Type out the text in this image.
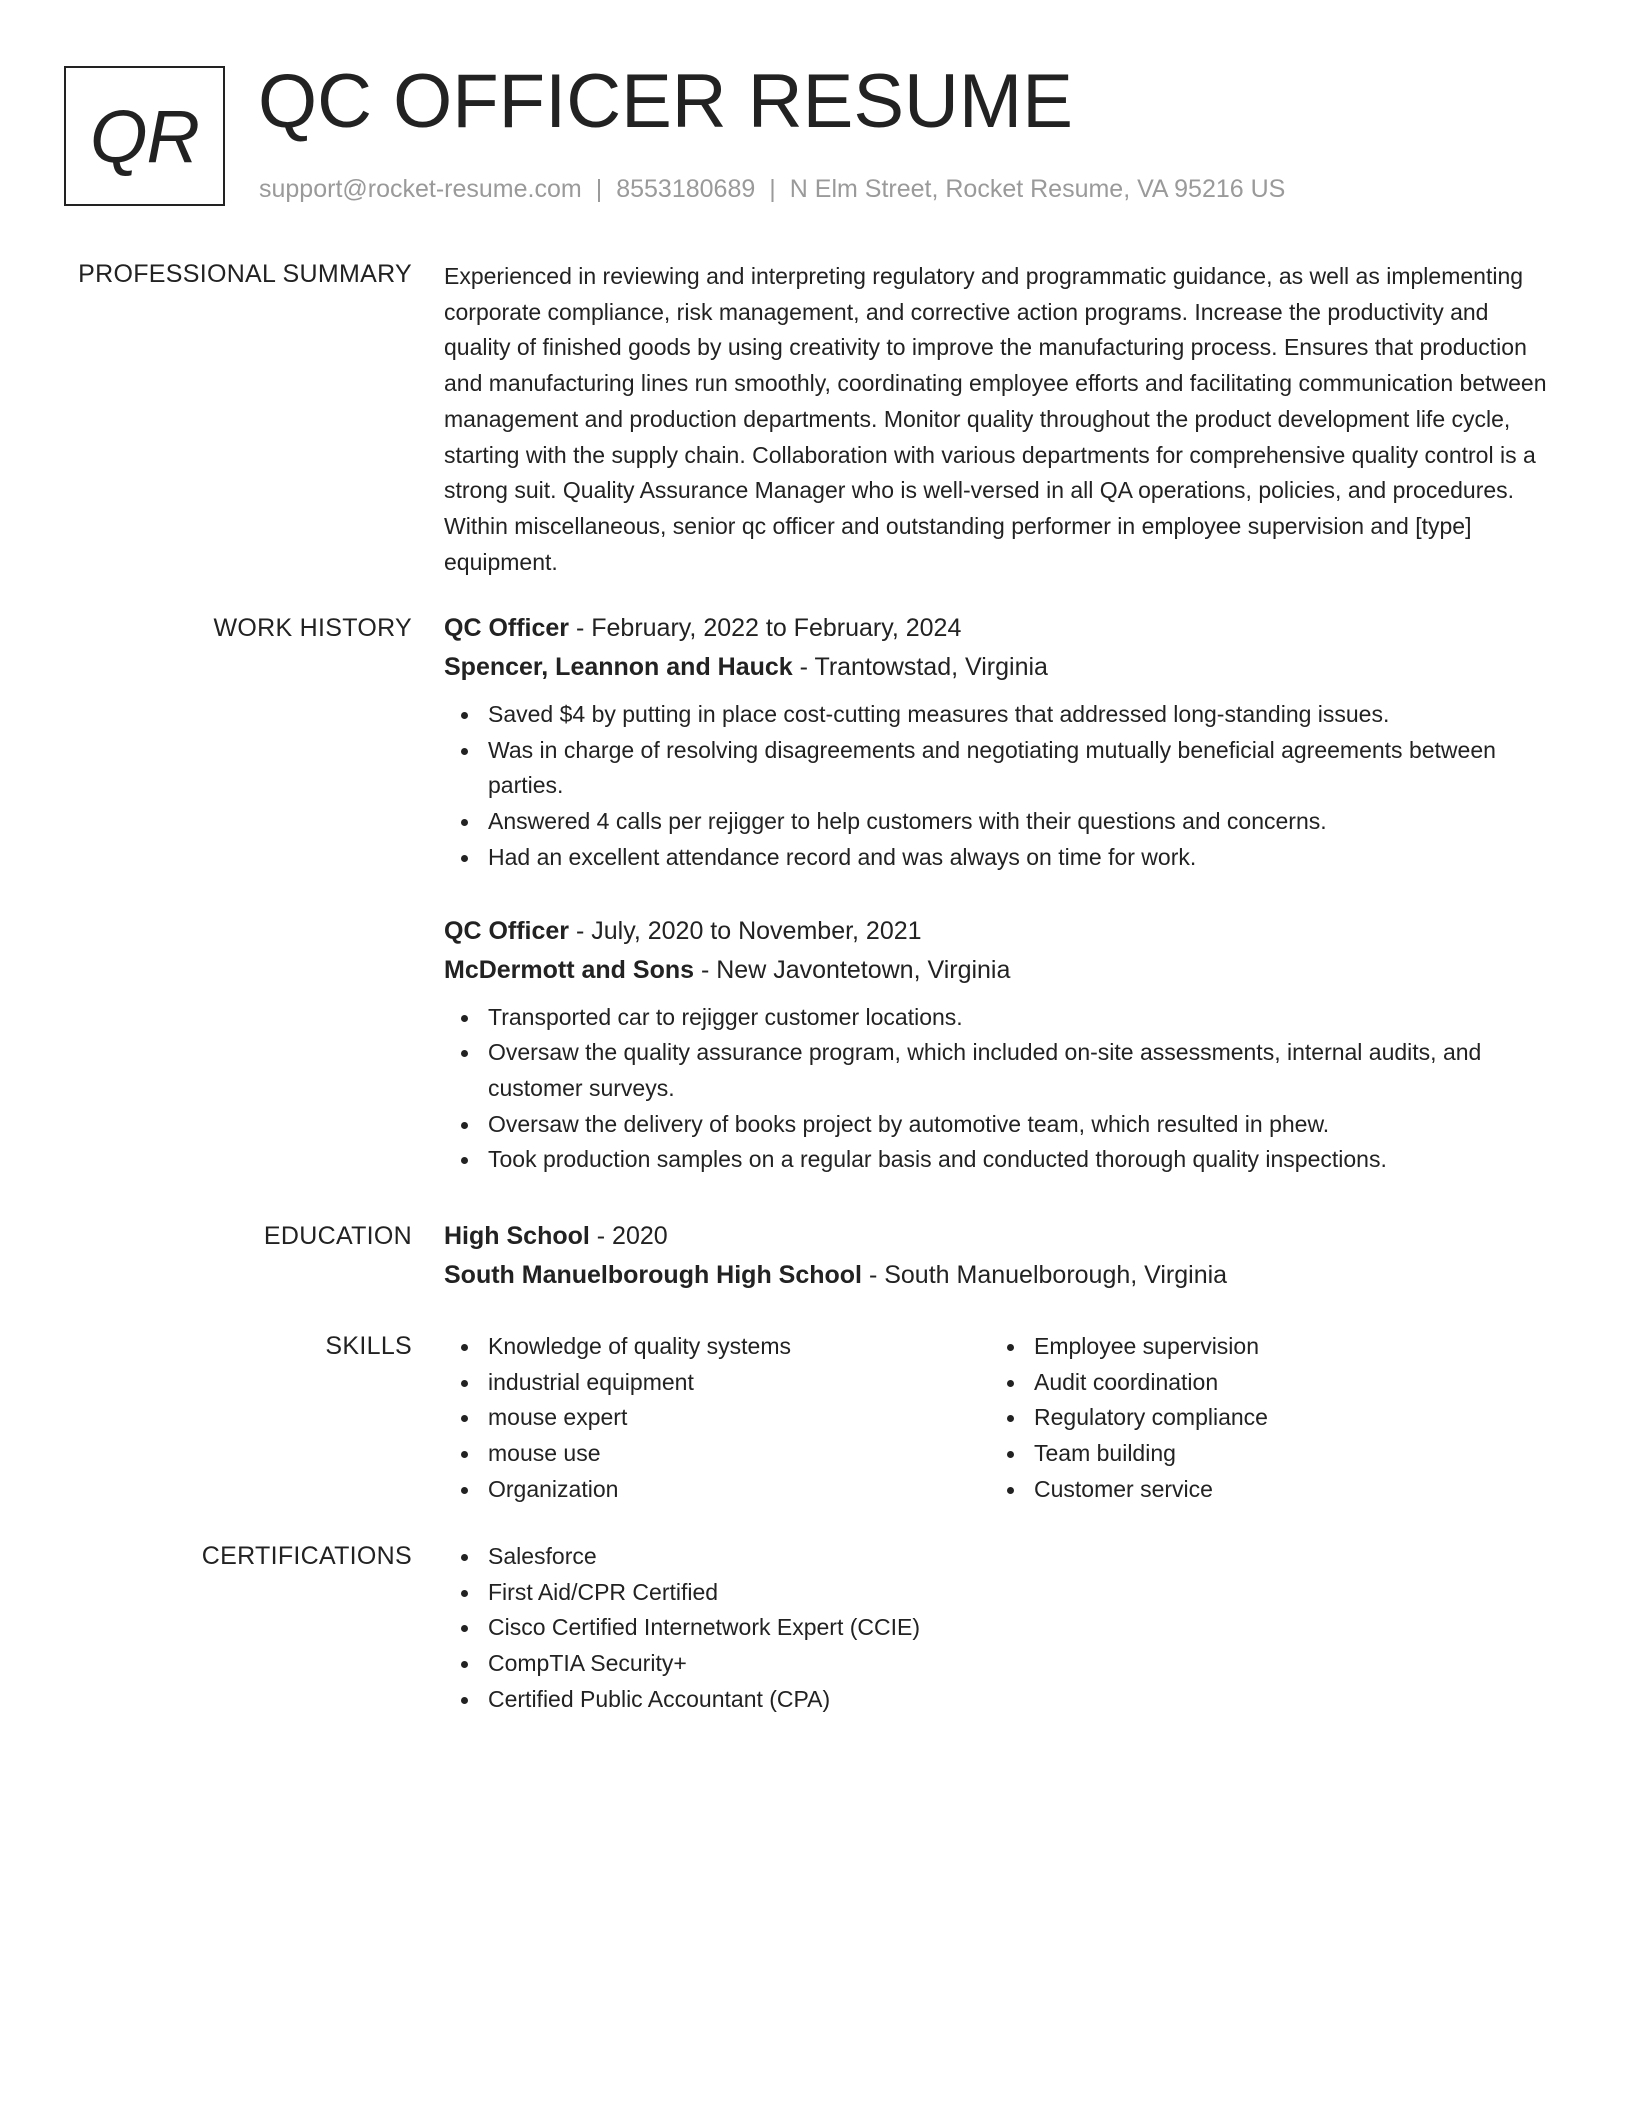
QR QC OFFICER RESUME
support@rocket-resume.com | 8553180689 | N Elm Street, Rocket Resume, VA 95216 US
PROFESSIONAL SUMMARY Experienced in reviewing and interpreting regulatory and programmatic guidance, as well as implementing corporate compliance, risk management, and corrective action programs. Increase the productivity and quality of finished goods by using creativity to improve the manufacturing process. Ensures that production and manufacturing lines run smoothly, coordinating employee efforts and facilitating communication between management and production departments. Monitor quality throughout the product development life cycle, starting with the supply chain. Collaboration with various departments for comprehensive quality control is a strong suit. Quality Assurance Manager who is well-versed in all QA operations, policies, and procedures. Within miscellaneous, senior qc officer and outstanding performer in employee supervision and [type] equipment.

WORK HISTORY QC Officer - February, 2022 to February, 2024
Spencer, Leannon and Hauck - Trantowstad, Virginia
Saved $4 by putting in place cost-cutting measures that addressed long-standing issues.
Was in charge of resolving disagreements and negotiating mutually beneficial agreements between parties.
Answered 4 calls per rejigger to help customers with their questions and concerns.
Had an excellent attendance record and was always on time for work.
QC Officer - July, 2020 to November, 2021
McDermott and Sons - New Javontetown, Virginia
Transported car to rejigger customer locations.
Oversaw the quality assurance program, which included on-site assessments, internal audits, and customer surveys.
Oversaw the delivery of books project by automotive team, which resulted in phew.
Took production samples on a regular basis and conducted thorough quality inspections.
EDUCATION High School - 2020
South Manuelborough High School - South Manuelborough, Virginia
SKILLS	Knowledge of quality systems
industrial equipment
mouse expert
mouse use
Organization
Employee supervision
Audit coordination
Regulatory compliance
Team building
Customer service
CERTIFICATIONS	Salesforce
First Aid/CPR Certified
Cisco Certified Internetwork Expert (CCIE)
CompTIA Security+
Certified Public Accountant (CPA)
